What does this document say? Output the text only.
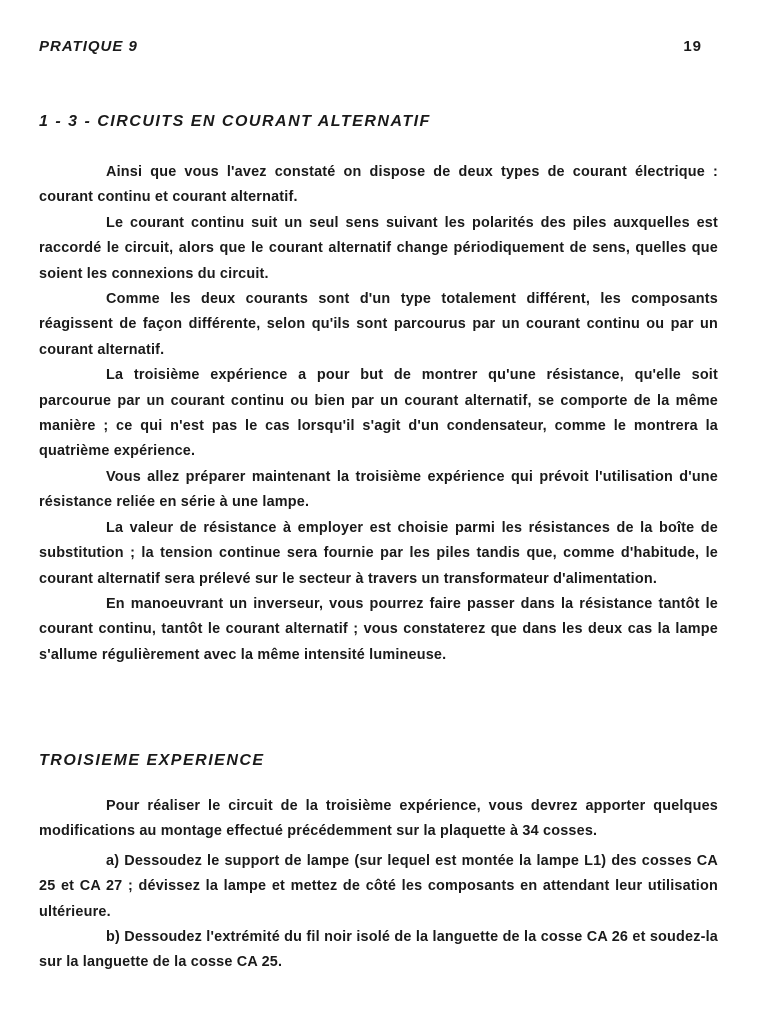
PRATIQUE 9	19
1 - 3 - CIRCUITS EN COURANT ALTERNATIF

Ainsi que vous l'avez constaté on dispose de deux types de courant électrique : courant continu et courant alternatif.

Le courant continu suit un seul sens suivant les polarités des piles auxquelles est raccordé le circuit, alors que le courant alternatif change périodiquement de sens, quelles que soient les connexions du circuit.

Comme les deux courants sont d'un type totalement différent, les composants réagissent de façon différente, selon qu'ils sont parcourus par un courant continu ou par un courant alternatif.

La troisième expérience a pour but de montrer qu'une résistance, qu'elle soit parcourue par un courant continu ou bien par un courant alternatif, se comporte de la même manière ; ce qui n'est pas le cas lorsqu'il s'agit d'un condensateur, comme le montrera la quatrième expérience.

Vous allez préparer maintenant la troisième expérience qui prévoit l'utilisation d'une résistance reliée en série à une lampe.

La valeur de résistance à employer est choisie parmi les résistances de la boîte de substitution ; la tension continue sera fournie par les piles tandis que, comme d'habitude, le courant alternatif sera prélevé sur le secteur à travers un transformateur d'alimentation.

En manoeuvrant un inverseur, vous pourrez faire passer dans la résistance tantôt le courant continu, tantôt le courant alternatif ; vous constaterez que dans les deux cas la lampe s'allume régulièrement avec la même intensité lumineuse.

TROISIEME EXPERIENCE

Pour réaliser le circuit de la troisième expérience, vous devrez apporter quelques modifications au montage effectué précédemment sur la plaquette à 34 cosses.

a) Dessoudez le support de lampe (sur lequel est montée la lampe L1) des cosses CA 25 et CA 27 ; dévissez la lampe et mettez de côté les composants en attendant leur utilisation ultérieure.

b) Dessoudez l'extrémité du fil noir isolé de la languette de la cosse CA 26 et soudez-la sur la languette de la cosse CA 25.
